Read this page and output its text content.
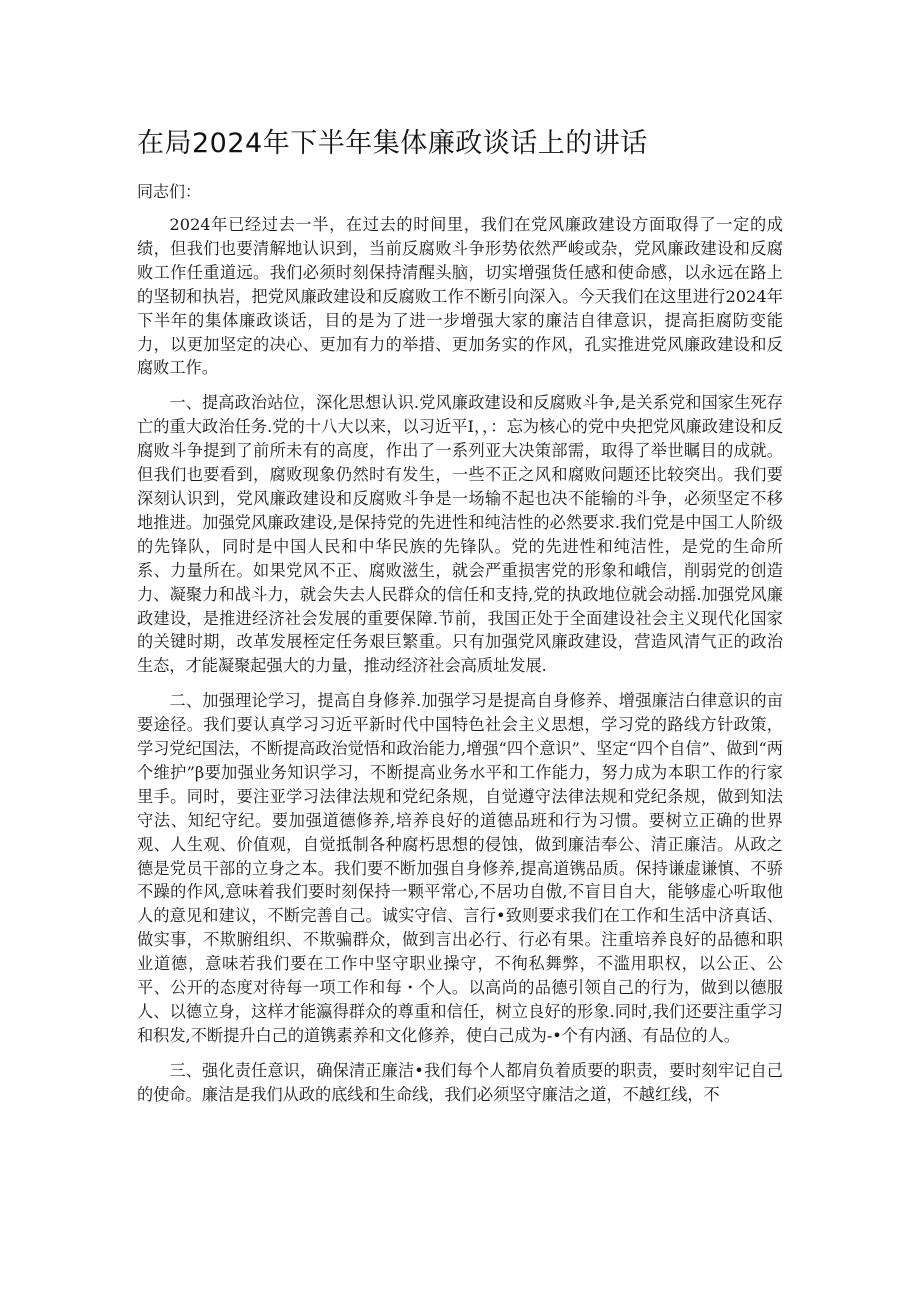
在局2024年下半年集体廉政谈话上的讲话

同志们：

2024年已经过去一半，在过去的时间里，我们在党风廉政建设方面取得了一定的成绩，但我们也要清解地认识到，当前反腐败斗争形势依然严峻或杂，党风廉政建设和反腐败工作任重道远。我们必须时刻保持清醒头脑，切实增强货任感和使命感，以永远在路上的坚韧和执岩，把党风廉政建设和反腐败工作不断引向深入。今天我们在这里进行2024年下半年的集体廉政谈话，目的是为了进一步增强大家的廉洁自律意识，提高拒腐防变能力，以更加坚定的决心、更加有力的举措、更加务实的作风，孔实推进党风廉政建设和反腐败工作。

一、提高政治站位，深化思想认识.党风廉政建设和反腐败斗争,是关系党和国家生死存亡的重大政治任务.党的十八大以来，以习近平I，，：忘为核心的党中央把党风廉政建设和反腐败斗争提到了前所未有的高度，作出了一系列亚大决策部需，取得了举世瞩目的成就。但我们也要看到，腐败现象仍然时有发生，一些不正之风和腐败问题还比较突出。我们要深刻认识到，党风廉政建设和反腐败斗争是一场输不起也决不能输的斗争，必须坚定不移地推进。加强党风廉政建设,是保持党的先进性和纯洁性的必然要求.我们党是中国工人阶级的先锋队，同时是中国人民和中华民族的先锋队。党的先进性和纯洁性，是党的生命所系、力量所在。如果党风不正、腐败滋生，就会严重损害党的形象和峨信，削弱党的创造力、凝聚力和战斗力，就会失去人民群众的信任和支持,党的执政地位就会动摇.加强党风廉政建设，是推进经济社会发展的重要保障.节前，我国正处于全面建设社会主义现代化国家的关键时期，改革发展桎定任务艰巨繁重。只有加强党风廉政建设，营造风清气正的政治生态，才能凝聚起强大的力量，推动经济社会高质址发展.

二、加强理论学习，提高自身修养.加强学习是提高自身修养、增强廉洁白律意识的亩要途径。我们要认真学习习近平新时代中国特色社会主义思想，学习党的路线方针政策，学习党纪国法，不断提高政治觉悟和政治能力,增强“四个意识”、坚定“四个自信”、做到“两个维护”β要加强业务知识学习，不断提高业务水平和工作能力，努力成为本职工作的行家里手。同时，要注亚学习法律法规和党纪条规，自觉遵守法律法规和党纪条规，做到知法守法、知纪守纪。要加强道德修养,培养良好的道德品班和行为习惯。要树立正确的世界观、人生观、价值观，自觉抵制各种腐朽思想的侵蚀，做到廉洁奉公、清正廉洁。从政之德是党员干部的立身之本。我们要不断加强自身修养,提高道镌品质。保持谦虚谦慎、不骄不躁的作风,意味着我们要时刻保持一颗平常心,不居功自傲,不盲目自大，能够虚心听取他人的意见和建议，不断完善自己。诚实守信、言行•致则要求我们在工作和生活中济真话、做实事，不欺腑组织、不欺骗群众，做到言出必行、行必有果。注重培养良好的品德和职业道德，意味若我们要在工作中坚守职业操守，不徇私舞弊，不滥用职权，以公正、公平、公开的态度对待每一项工作和每・个人。以高尚的品德引领自己的行为，做到以德服人、以德立身，这样才能瀛得群众的尊重和信任，树立良好的形象.同时,我们还要注重学习和积发,不断提升白己的道镌素养和文化修养，使白己成为-•个有内涵、有品位的人。

三、强化责任意识，确保清正廉洁•我们每个人都肩负着质要的职责，要时刻牢记自己的使命。廉洁是我们从政的底线和生命线，我们必须坚守廉洁之道，不越红线，不
